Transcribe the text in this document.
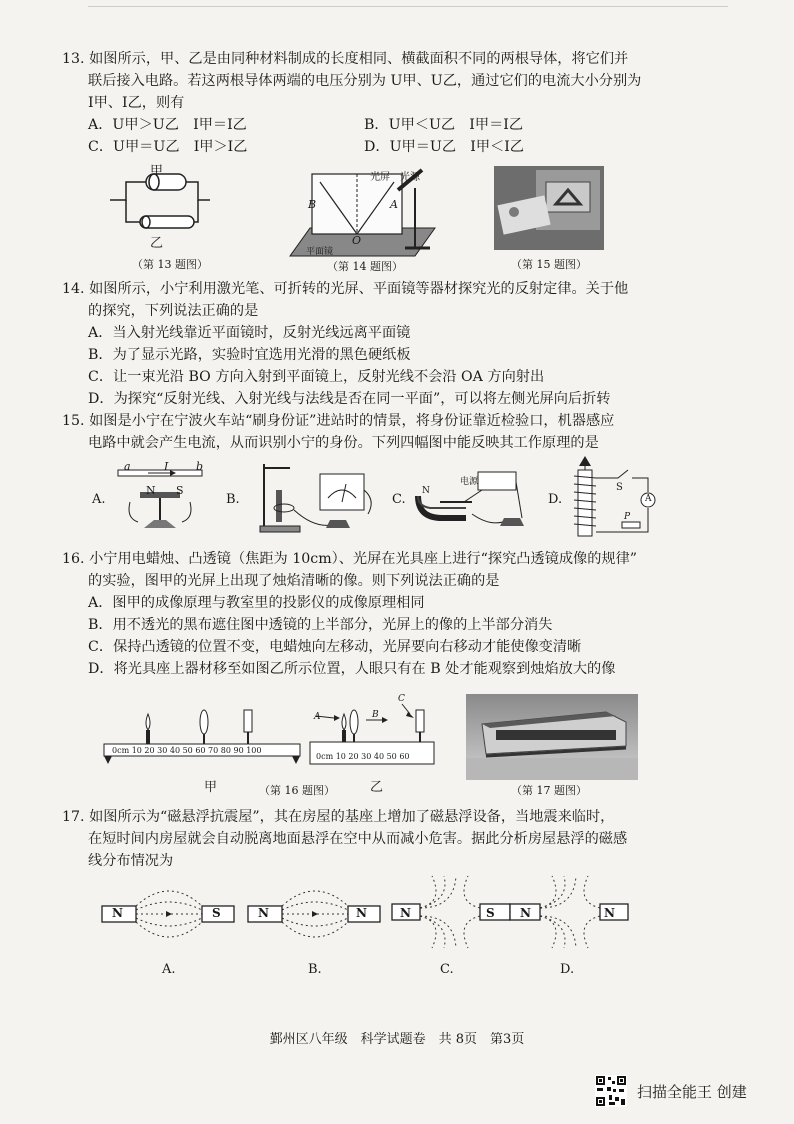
13. 如图所示，甲、乙是由同种材料制成的长度相同、横截面积不同的两根导体，将它们并

联后接入电路。若这两根导体两端的电压分别为 U甲、U乙，通过它们的电流大小分别为

I甲、I乙，则有

A．U甲＞U乙　I甲＝I乙	B．U甲＜U乙　I甲＝I乙
C．U甲＝U乙　I甲＞I乙	D．U甲＝U乙　I甲＜I乙
甲
乙
（第 13 题图）
光屏 光源
B	A
O
平面镜
（第 14 题图）	（第 15 题图）

14. 如图所示，小宁利用激光笔、可折转的光屏、平面镜等器材探究光的反射定律。关于他

的探究，下列说法正确的是

A．当入射光线靠近平面镜时，反射光线远离平面镜

B．为了显示光路，实验时宜选用光滑的黑色硬纸板

C．让一束光沿 BO 方向入射到平面镜上，反射光线不会沿 OA 方向射出

D．为探究“反射光线、入射光线与法线是否在同一平面”，可以将左侧光屏向后折转

15. 如图是小宁在宁波火车站“刷身份证”进站时的情景，将身份证靠近检验口，机器感应

电路中就会产生电流，从而识别小宁的身份。下列四幅图中能反映其工作原理的是

A.
a	I	b
N S
B.	C.
电源
N
D.
S
A
P

16. 小宁用电蜡烛、凸透镜（焦距为 10cm）、光屏在光具座上进行“探究凸透镜成像的规律”

的实验，图甲的光屏上出现了烛焰清晰的像。则下列说法正确的是

A．图甲的成像原理与教室里的投影仪的成像原理相同

B．用不透光的黑布遮住图中透镜的上半部分，光屏上的像的上半部分消失

C．保持凸透镜的位置不变，电蜡烛向左移动，光屏要向右移动才能使像变清晰

D．将光具座上器材移至如图乙所示位置，人眼只有在 B 处才能观察到烛焰放大的像

0cm 10 20 30 40 50 60 70 80 90 100
甲
A	B
C
0cm 10 20 30 40 50 60
乙
（第 16 题图）	（第 17 题图）

17. 如图所示为“磁悬浮抗震屋”，其在房屋的基座上增加了磁悬浮设备，当地震来临时，

在短时间内房屋就会自动脱离地面悬浮在空中从而减小危害。据此分析房屋悬浮的磁感

线分布情况为

N	S	N	N	N	S N	N
A.	B.	C.	D.
鄞州区八年级　科学试题卷　共 8页　第3页
扫描全能王 创建
